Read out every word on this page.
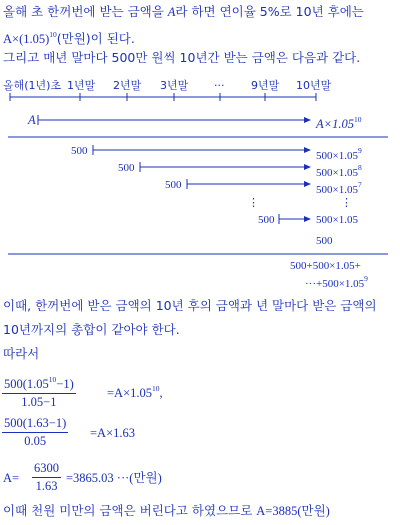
올해 초 한꺼번에 받는 금액을 A라 하면 연이율 5%로 10년 후에는
$A\times(1.05)^{10}$(만원)이 된다.
그리고 매년 말마다 500만 원씩 10년간 받는 금액은 다음과 같다.
올해(1년)초 1년말 2년말 3년말 ··· 9년말 10년말
A	$A\times 1.05^{10}$
500	$500\times 1.05^9$
500	$500\times 1.05^8$
500	$500\times 1.05^7$
⋮	⋮
500	500×1.05
500
500+500×1.05+
$\cdot\cdot\cdot+500\times 1.05^9$
이때, 한꺼번에 받은 금액의 10년 후의 금액과 년 말마다 받은 금액의
10년까지의 총합이 같아야 한다.
따라서
$\frac{500(1.05^{10}-1)}{1.05-1} =A\times 1.05^{10}$,
$\frac{500(1.63-1)}{0.05} =A\times 1.63$
$A= \frac{6300}{1.63} =3865.03$ ···(만원)
이때 천원 미만의 금액은 버린다고 하였으므로 A=3885(만원)
